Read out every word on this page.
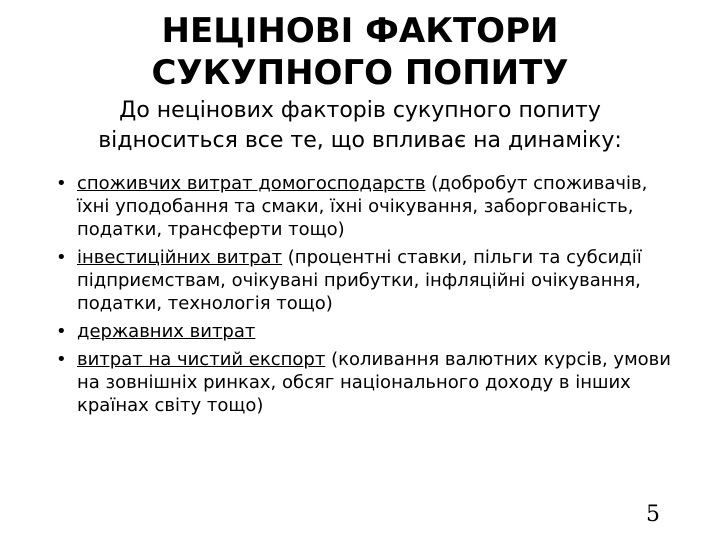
НЕЦІНОВІ ФАКТОРИ
СУКУПНОГО ПОПИТУ

До нецінових факторів сукупного попиту відноситься все те, що впливає на динаміку:

• споживчих витрат домогосподарств (добробут споживачів, їхні уподобання та смаки, їхні очікування, заборгованість, податки, трансферти тощо)
• інвестиційних витрат (процентні ставки, пільги та субсидії підприємствам, очікувані прибутки, інфляційні очікування, податки, технологія тощо)
• державних витрат
• витрат на чистий експорт (коливання валютних курсів, умови на зовнішніх ринках, обсяг національного доходу в інших країнах світу тощо)
5
